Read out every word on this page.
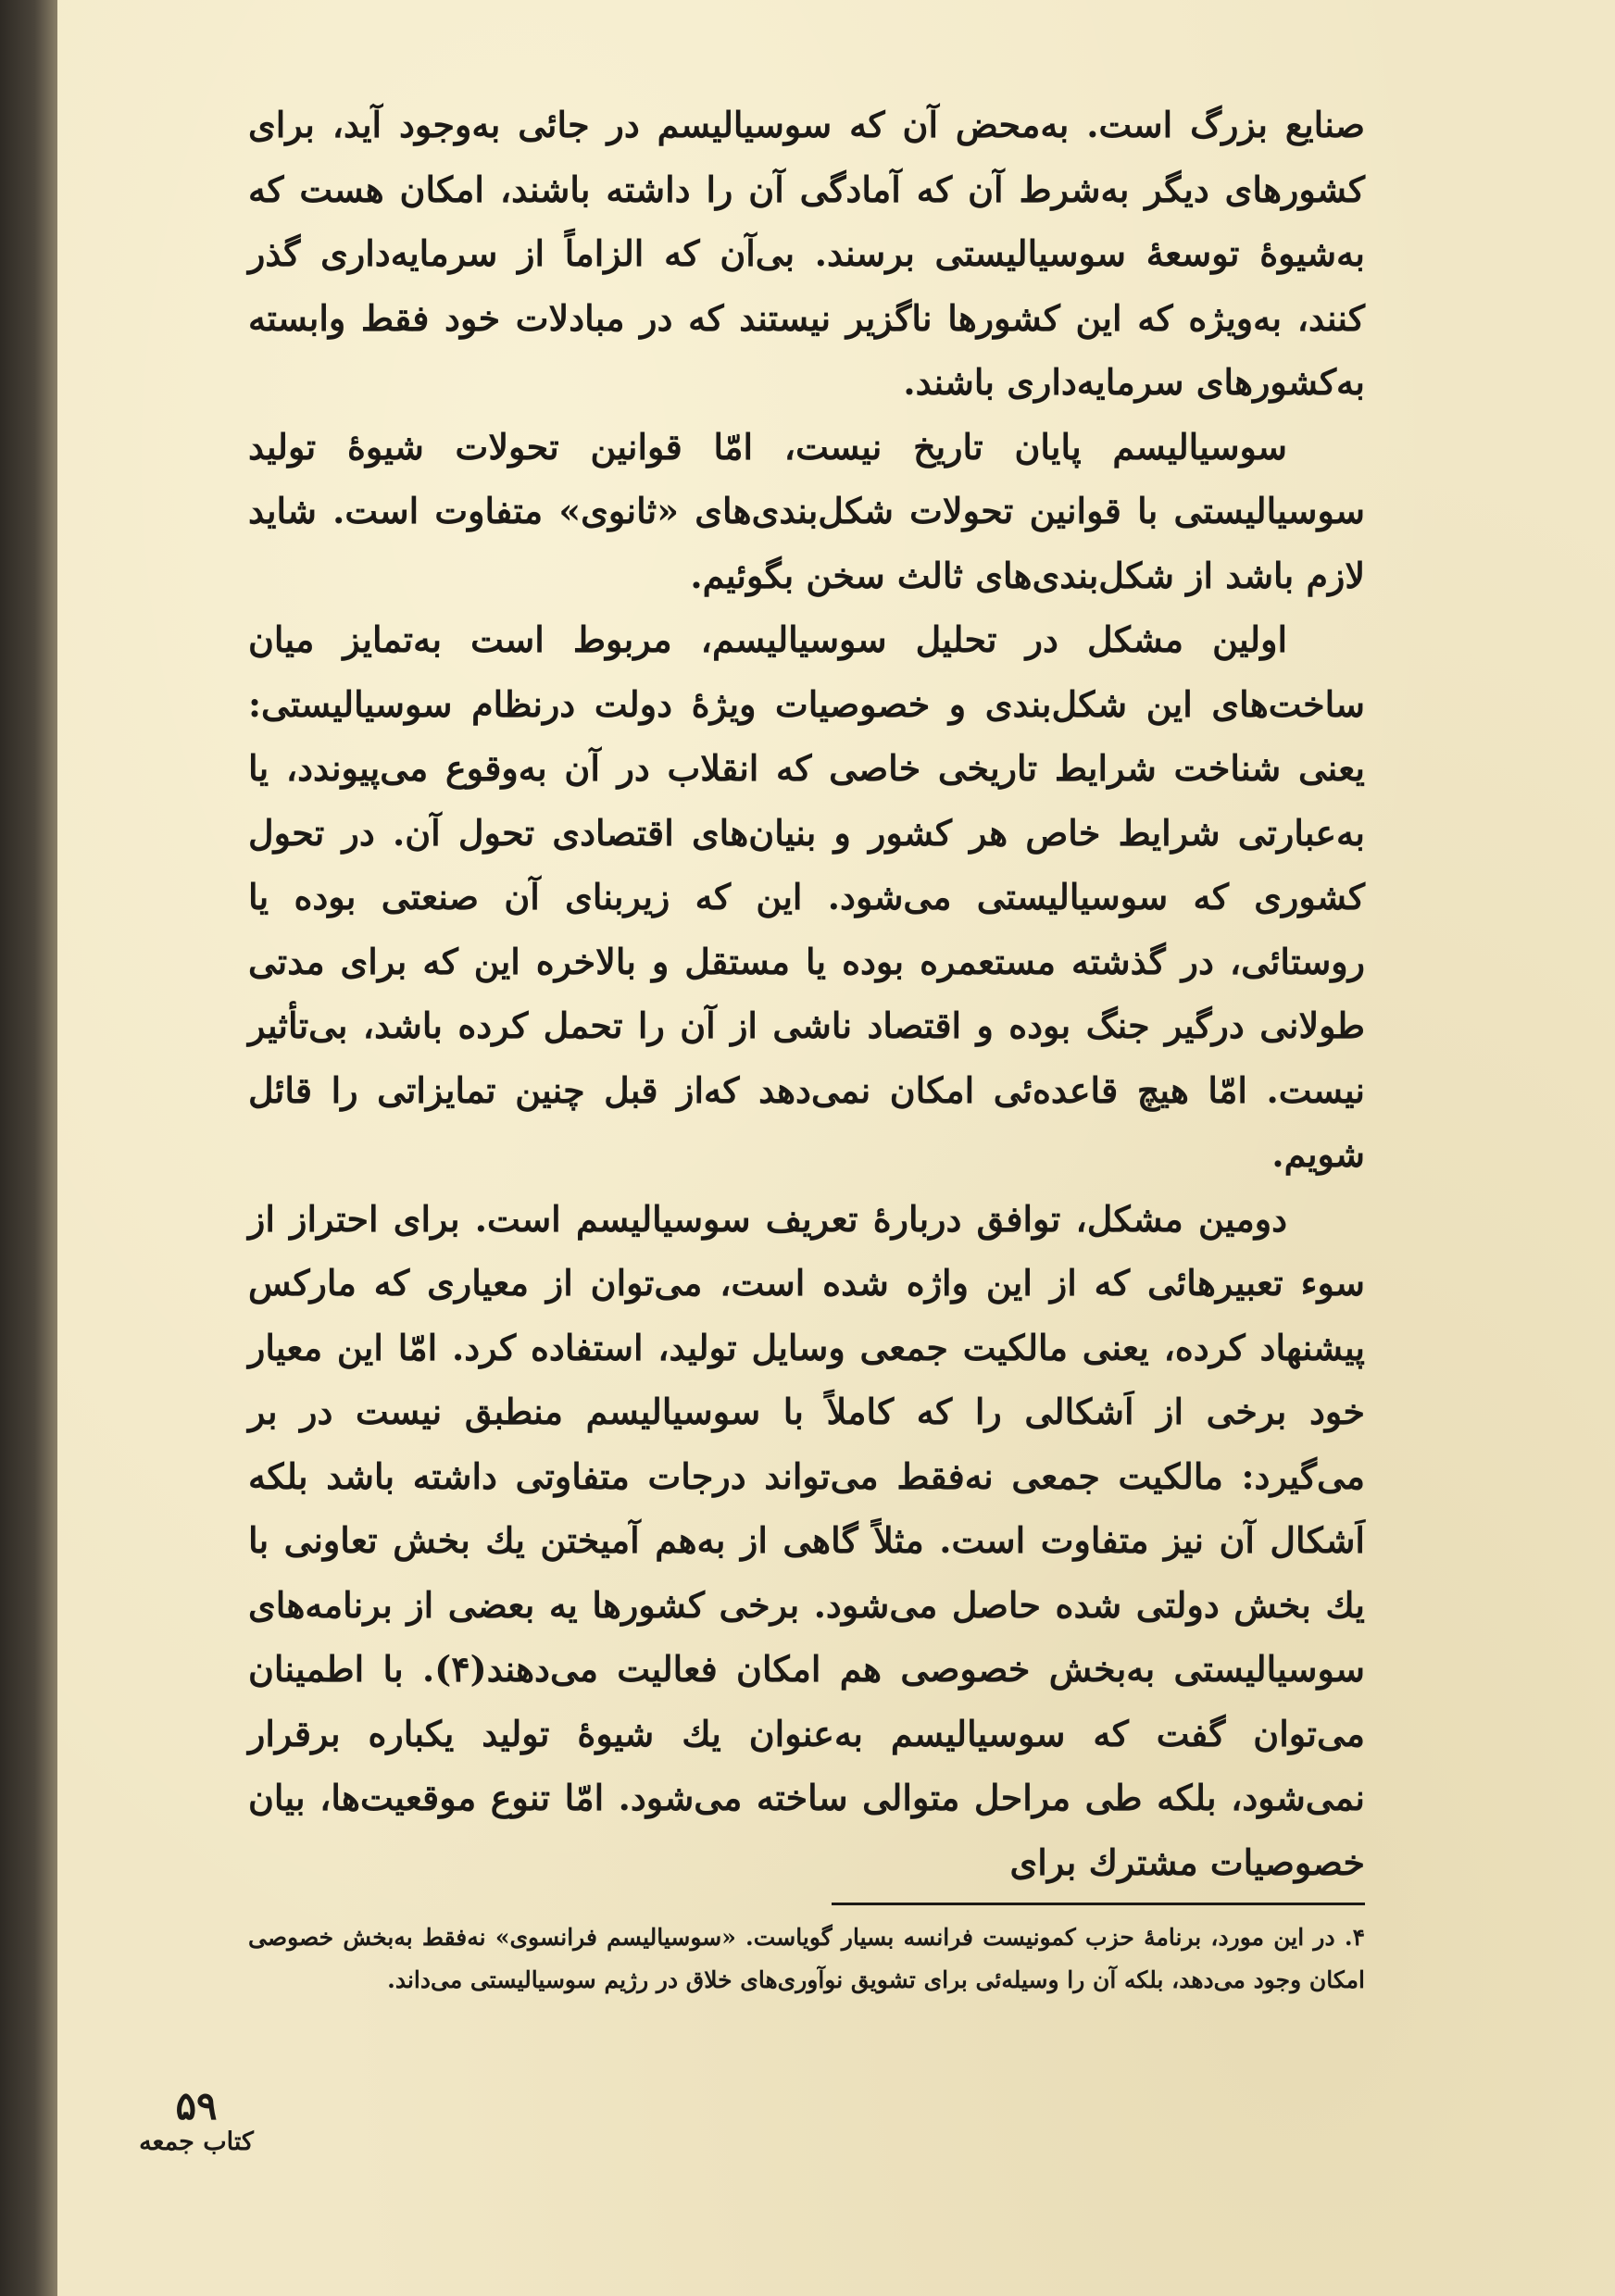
صنایع بزرگ است. به‌محض آن که سوسیالیسم در جائی به‌وجود آید، برای کشورهای دیگر به‌شرط آن که آمادگی آن را داشته باشند، امکان هست که به‌شیوهٔ توسعهٔ سوسیالیستی برسند. بی‌آن که الزاماً از سرمایه‌داری گذر کنند، به‌ویژه که این کشورها ناگزیر نیستند که در مبادلات خود فقط وابسته به‌کشورهای سرمایه‌داری باشند.

سوسیالیسم پایان تاریخ نیست، امّا قوانین تحولات شیوهٔ تولید سوسیالیستی با قوانین تحولات شکل‌بندی‌های «ثانوی» متفاوت است. شاید لازم باشد از شکل‌بندی‌های ثالث سخن بگوئیم.

اولین مشکل در تحلیل سوسیالیسم، مربوط است به‌تمایز میان ساخت‌های این شکل‌بندی و خصوصیات ویژهٔ دولت درنظام سوسیالیستی: یعنی شناخت شرایط تاریخی خاصی که انقلاب در آن به‌وقوع می‌پیوندد، یا به‌عبارتی شرایط خاص هر کشور و بنیان‌های اقتصادی تحول آن. در تحول کشوری که سوسیالیستی می‌شود. این که زیربنای آن صنعتی بوده یا روستائی، در گذشته مستعمره بوده یا مستقل و بالاخره این که برای مدتی طولانی درگیر جنگ بوده و اقتصاد ناشی از آن را تحمل کرده باشد، بی‌تأثیر نیست. امّا هیچ قاعده‌ئی امکان نمی‌دهد که‌از قبل چنین تمایزاتی را قائل شویم.

دومین مشکل، توافق دربارهٔ تعریف سوسیالیسم است. برای احتراز از سوء تعبیرهائی که از این واژه شده است، می‌توان از معیاری که مارکس پیشنهاد کرده، یعنی مالکیت جمعی وسایل تولید، استفاده کرد. امّا این معیار خود برخی از اَشکالی را که کاملاً با سوسیالیسم منطبق نیست در بر می‌گیرد: مالکیت جمعی نه‌فقط می‌تواند درجات متفاوتی داشته باشد بلکه اَشکال آن نیز متفاوت است. مثلاً گاهی از به‌هم آمیختن یك بخش تعاونی با یك بخش دولتی شده حاصل می‌شود. برخی کشورها یه بعضی از برنامه‌های سوسیالیستی به‌بخش خصوصی هم امکان فعالیت می‌دهند(۴). با اطمینان می‌توان گفت که سوسیالیسم به‌عنوان یك شیوهٔ تولید یکباره برقرار نمی‌شود، بلکه طی مراحل متوالی ساخته می‌شود. امّا تنوع موقعیت‌ها، بیان خصوصیات مشترك برای

۴. در این مورد، برنامهٔ حزب کمونیست فرانسه بسیار گویاست. «سوسیالیسم فرانسوی» نه‌فقط به‌بخش خصوصی امکان وجود می‌دهد، بلکه آن را وسیله‌ئی برای تشویق نوآوری‌های خلاق در رژیم سوسیالیستی می‌داند.

۵۹

کتاب جمعه
